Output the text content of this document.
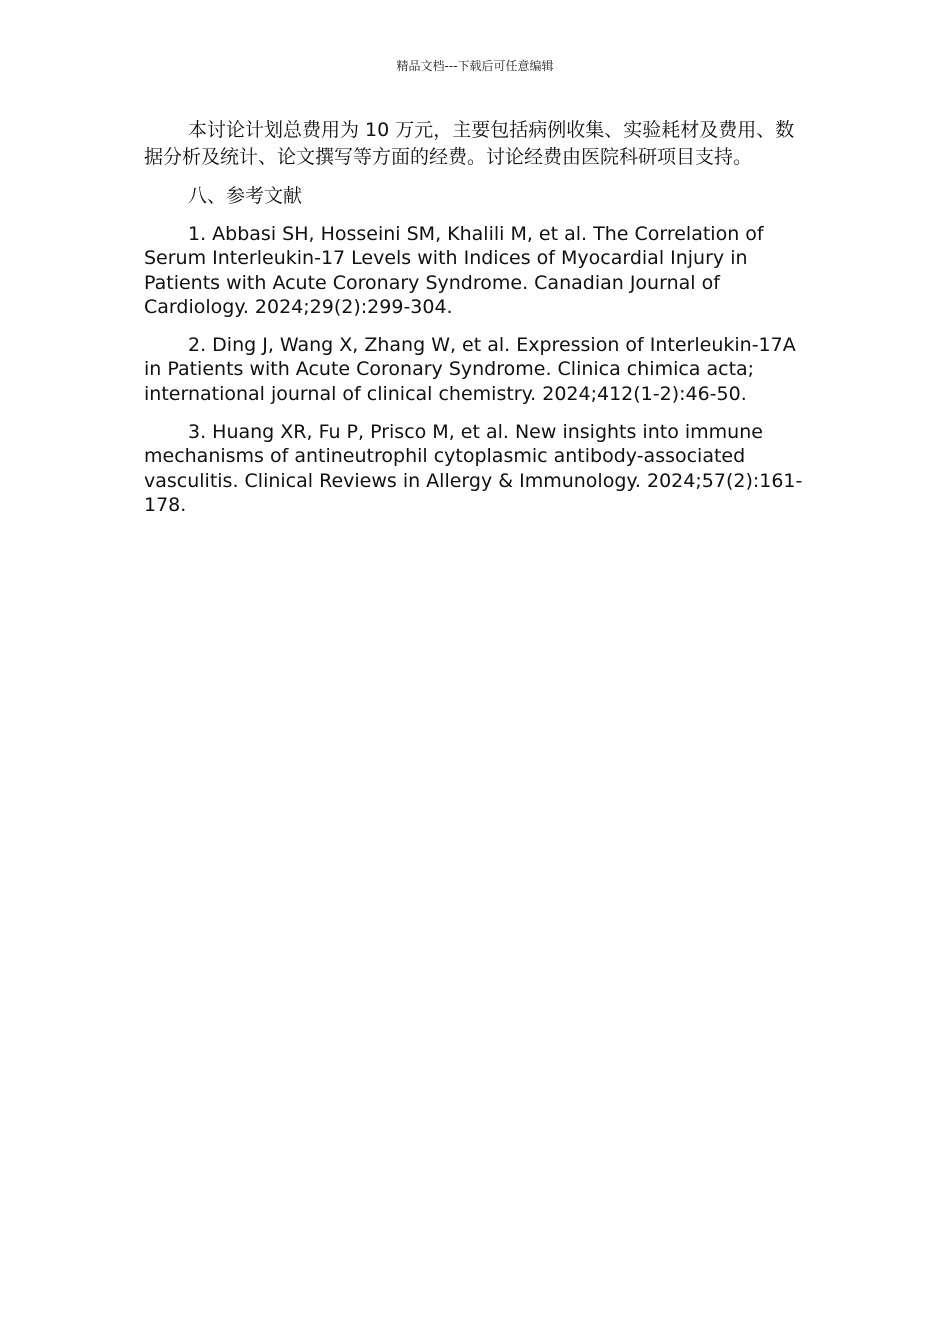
精品文档---下载后可任意编辑

本讨论计划总费用为 10 万元，主要包括病例收集、实验耗材及费用、数据分析及统计、论文撰写等方面的经费。讨论经费由医院科研项目支持。

八、参考文献

1. Abbasi SH, Hosseini SM, Khalili M, et al. The Correlation of Serum Interleukin-17 Levels with Indices of Myocardial Injury in Patients with Acute Coronary Syndrome. Canadian Journal of Cardiology. 2024;29(2):299-304.

2. Ding J, Wang X, Zhang W, et al. Expression of Interleukin-17A in Patients with Acute Coronary Syndrome. Clinica chimica acta; international journal of clinical chemistry. 2024;412(1-2):46-50.

3. Huang XR, Fu P, Prisco M, et al. New insights into immune mechanisms of antineutrophil cytoplasmic antibody-associated vasculitis. Clinical Reviews in Allergy & Immunology. 2024;57(2):161-178.
